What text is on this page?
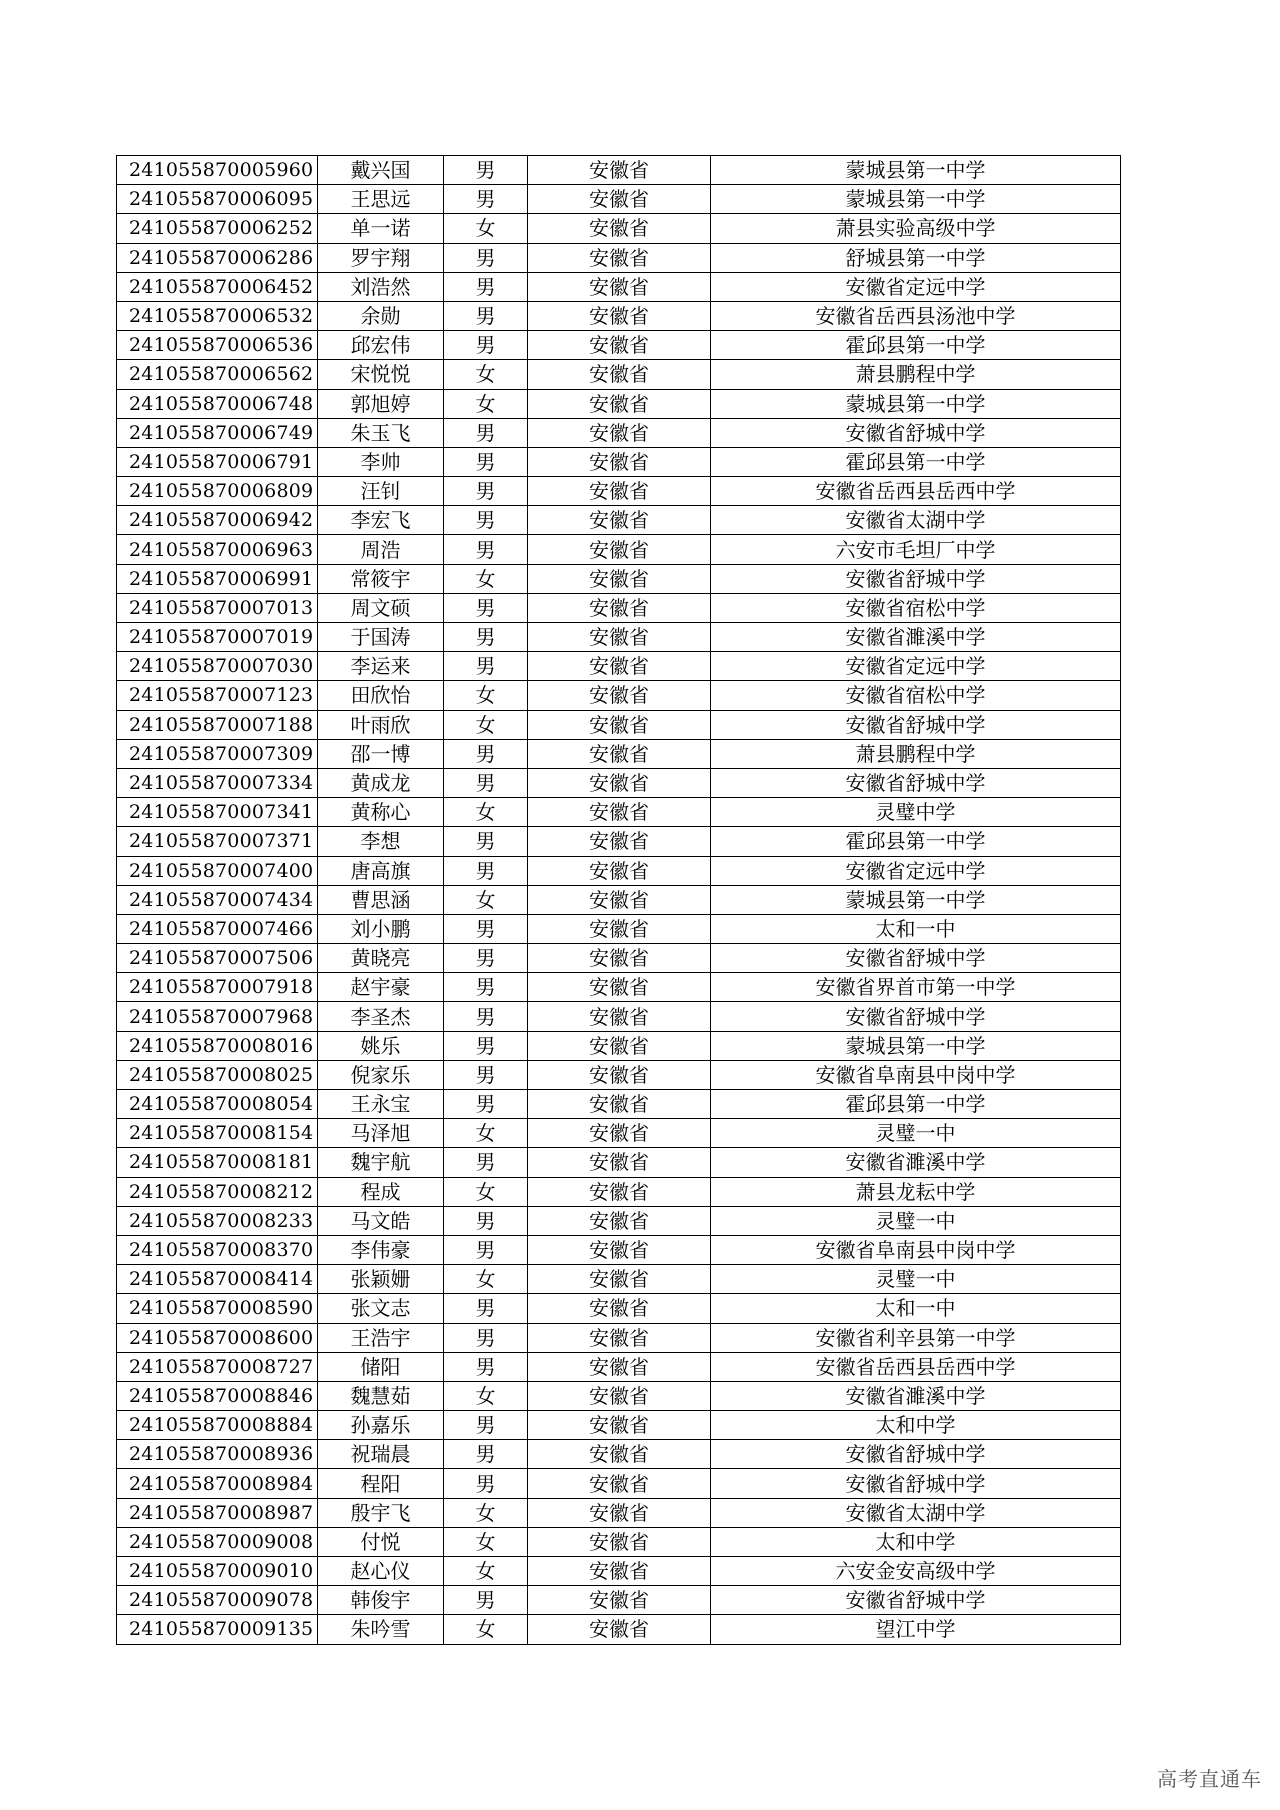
241055870005960	戴兴国	男	安徽省	蒙城县第一中学
241055870006095	王思远	男	安徽省	蒙城县第一中学
241055870006252	单一诺	女	安徽省	萧县实验高级中学
241055870006286	罗宇翔	男	安徽省	舒城县第一中学
241055870006452	刘浩然	男	安徽省	安徽省定远中学
241055870006532	余勋	男	安徽省	安徽省岳西县汤池中学
241055870006536	邱宏伟	男	安徽省	霍邱县第一中学
241055870006562	宋悦悦	女	安徽省	萧县鹏程中学
241055870006748	郭旭婷	女	安徽省	蒙城县第一中学
241055870006749	朱玉飞	男	安徽省	安徽省舒城中学
241055870006791	李帅	男	安徽省	霍邱县第一中学
241055870006809	汪钊	男	安徽省	安徽省岳西县岳西中学
241055870006942	李宏飞	男	安徽省	安徽省太湖中学
241055870006963	周浩	男	安徽省	六安市毛坦厂中学
241055870006991	常筱宇	女	安徽省	安徽省舒城中学
241055870007013	周文硕	男	安徽省	安徽省宿松中学
241055870007019	于国涛	男	安徽省	安徽省濉溪中学
241055870007030	李运来	男	安徽省	安徽省定远中学
241055870007123	田欣怡	女	安徽省	安徽省宿松中学
241055870007188	叶雨欣	女	安徽省	安徽省舒城中学
241055870007309	邵一博	男	安徽省	萧县鹏程中学
241055870007334	黄成龙	男	安徽省	安徽省舒城中学
241055870007341	黄称心	女	安徽省	灵璧中学
241055870007371	李想	男	安徽省	霍邱县第一中学
241055870007400	唐高旗	男	安徽省	安徽省定远中学
241055870007434	曹思涵	女	安徽省	蒙城县第一中学
241055870007466	刘小鹏	男	安徽省	太和一中
241055870007506	黄晓亮	男	安徽省	安徽省舒城中学
241055870007918	赵宇豪	男	安徽省	安徽省界首市第一中学
241055870007968	李圣杰	男	安徽省	安徽省舒城中学
241055870008016	姚乐	男	安徽省	蒙城县第一中学
241055870008025	倪家乐	男	安徽省	安徽省阜南县中岗中学
241055870008054	王永宝	男	安徽省	霍邱县第一中学
241055870008154	马泽旭	女	安徽省	灵璧一中
241055870008181	魏宇航	男	安徽省	安徽省濉溪中学
241055870008212	程成	女	安徽省	萧县龙耘中学
241055870008233	马文皓	男	安徽省	灵璧一中
241055870008370	李伟豪	男	安徽省	安徽省阜南县中岗中学
241055870008414	张颖姗	女	安徽省	灵璧一中
241055870008590	张文志	男	安徽省	太和一中
241055870008600	王浩宇	男	安徽省	安徽省利辛县第一中学
241055870008727	储阳	男	安徽省	安徽省岳西县岳西中学
241055870008846	魏慧茹	女	安徽省	安徽省濉溪中学
241055870008884	孙嘉乐	男	安徽省	太和中学
241055870008936	祝瑞晨	男	安徽省	安徽省舒城中学
241055870008984	程阳	男	安徽省	安徽省舒城中学
241055870008987	殷宇飞	女	安徽省	安徽省太湖中学
241055870009008	付悦	女	安徽省	太和中学
241055870009010	赵心仪	女	安徽省	六安金安高级中学
241055870009078	韩俊宇	男	安徽省	安徽省舒城中学
241055870009135	朱吟雪	女	安徽省	望江中学
高考直通车
